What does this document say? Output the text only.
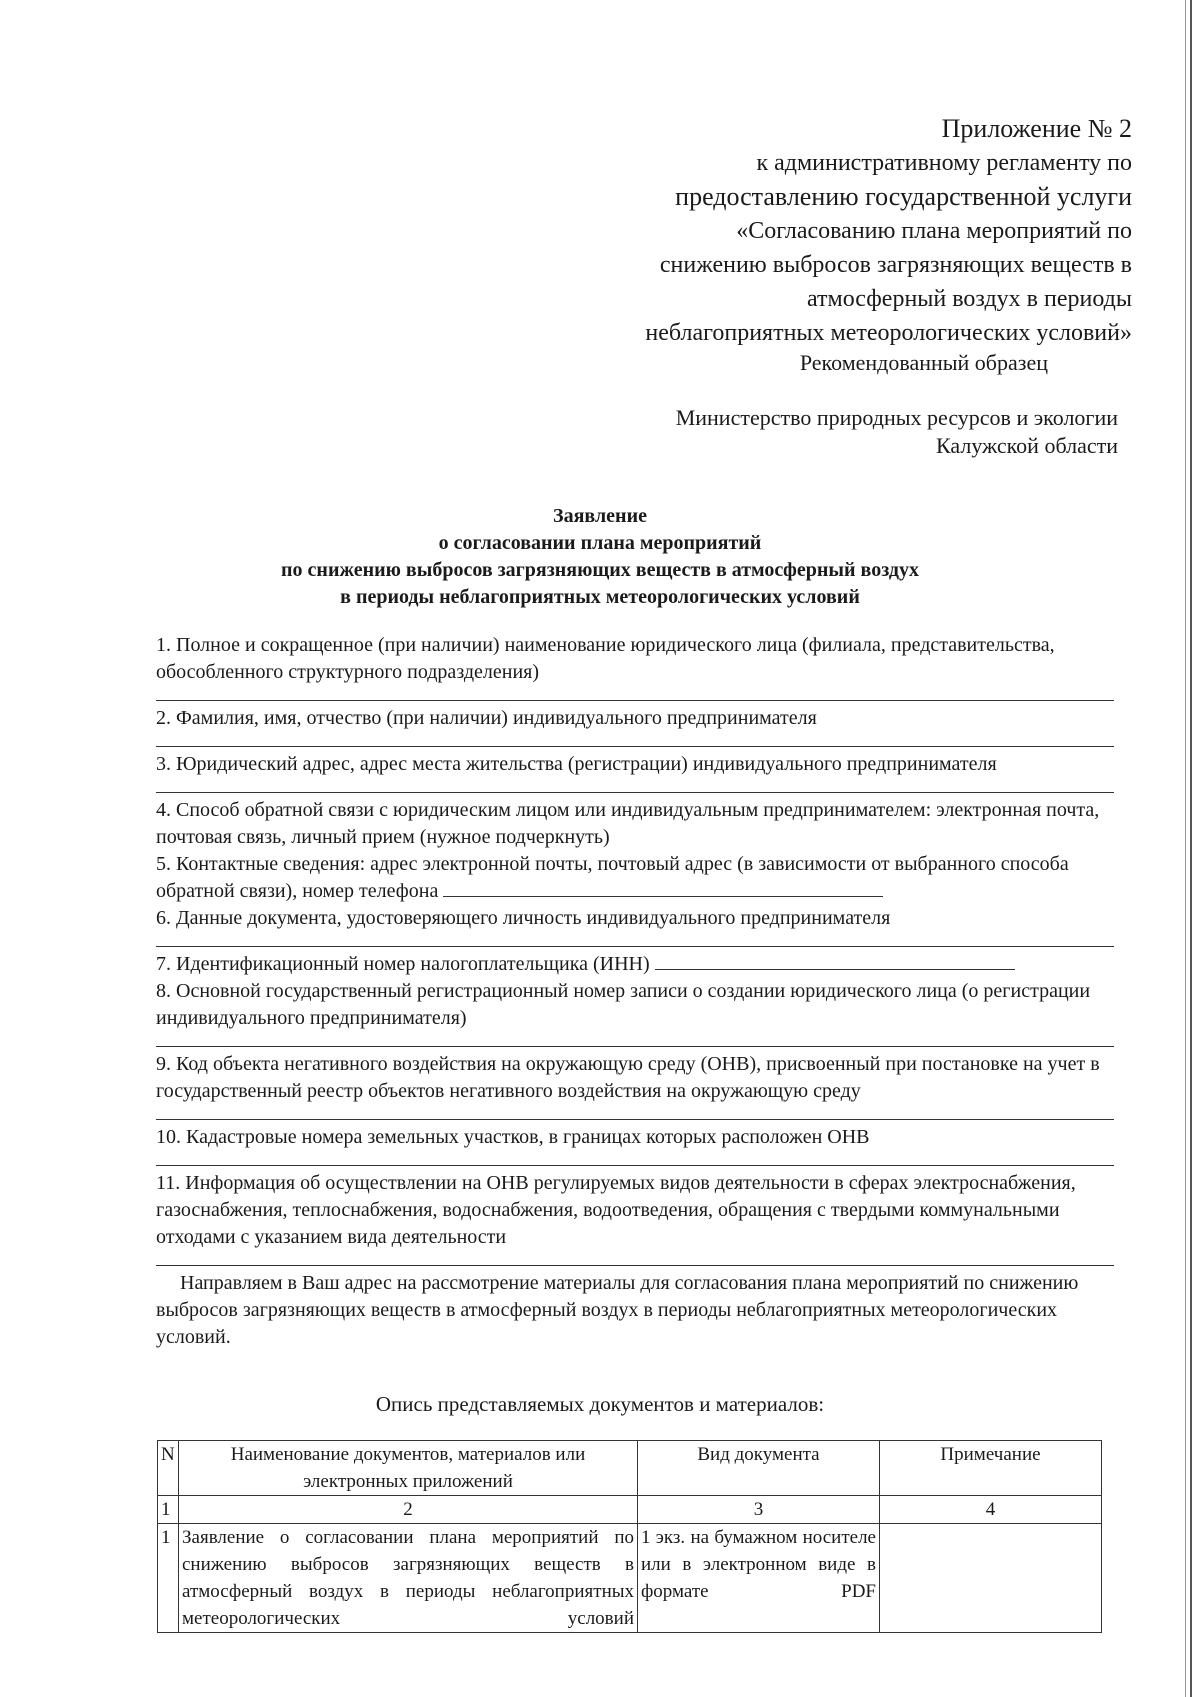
Приложение № 2
к административному регламенту по
предоставлению государственной услуги
«Согласованию плана мероприятий по
снижению выбросов загрязняющих веществ в
атмосферный воздух в периоды
неблагоприятных метеорологических условий»
Рекомендованный образец
Министерство природных ресурсов и экологии
Калужской области
Заявление
о согласовании плана мероприятий
по снижению выбросов загрязняющих веществ в атмосферный воздух
в периоды неблагоприятных метеорологических условий

1. Полное и сокращенное (при наличии) наименование юридического лица (филиала, представительства, обособленного структурного подразделения)

2. Фамилия, имя, отчество (при наличии) индивидуального предпринимателя

3. Юридический адрес, адрес места жительства (регистрации) индивидуального предпринимателя

4. Способ обратной связи с юридическим лицом или индивидуальным предпринимателем: электронная почта, почтовая связь, личный прием (нужное подчеркнуть)

5. Контактные сведения: адрес электронной почты, почтовый адрес (в зависимости от выбранного способа обратной связи), номер телефона

6. Данные документа, удостоверяющего личность индивидуального предпринимателя

7. Идентификационный номер налогоплательщика (ИНН)

8. Основной государственный регистрационный номер записи о создании юридического лица (о регистрации индивидуального предпринимателя)

9. Код объекта негативного воздействия на окружающую среду (ОНВ), присвоенный при постановке на учет в государственный реестр объектов негативного воздействия на окружающую среду

10. Кадастровые номера земельных участков, в границах которых расположен ОНВ

11. Информация об осуществлении на ОНВ регулируемых видов деятельности в сферах электроснабжения, газоснабжения, теплоснабжения, водоснабжения, водоотведения, обращения с твердыми коммунальными отходами с указанием вида деятельности

Направляем в Ваш адрес на рассмотрение материалы для согласования плана мероприятий по снижению выбросов загрязняющих веществ в атмосферный воздух в периоды неблагоприятных метеорологических условий.

Опись представляемых документов и материалов:
N	Наименование документов, материалов или электронных приложений	Вид документа	Примечание
1	2	3	4
1	Заявление о согласовании плана мероприятий по снижению выбросов загрязняющих веществ в атмосферный воздух в периоды неблагоприятных метеорологических условий	1 экз. на бумажном носителе или в электронном виде в формате PDF	
